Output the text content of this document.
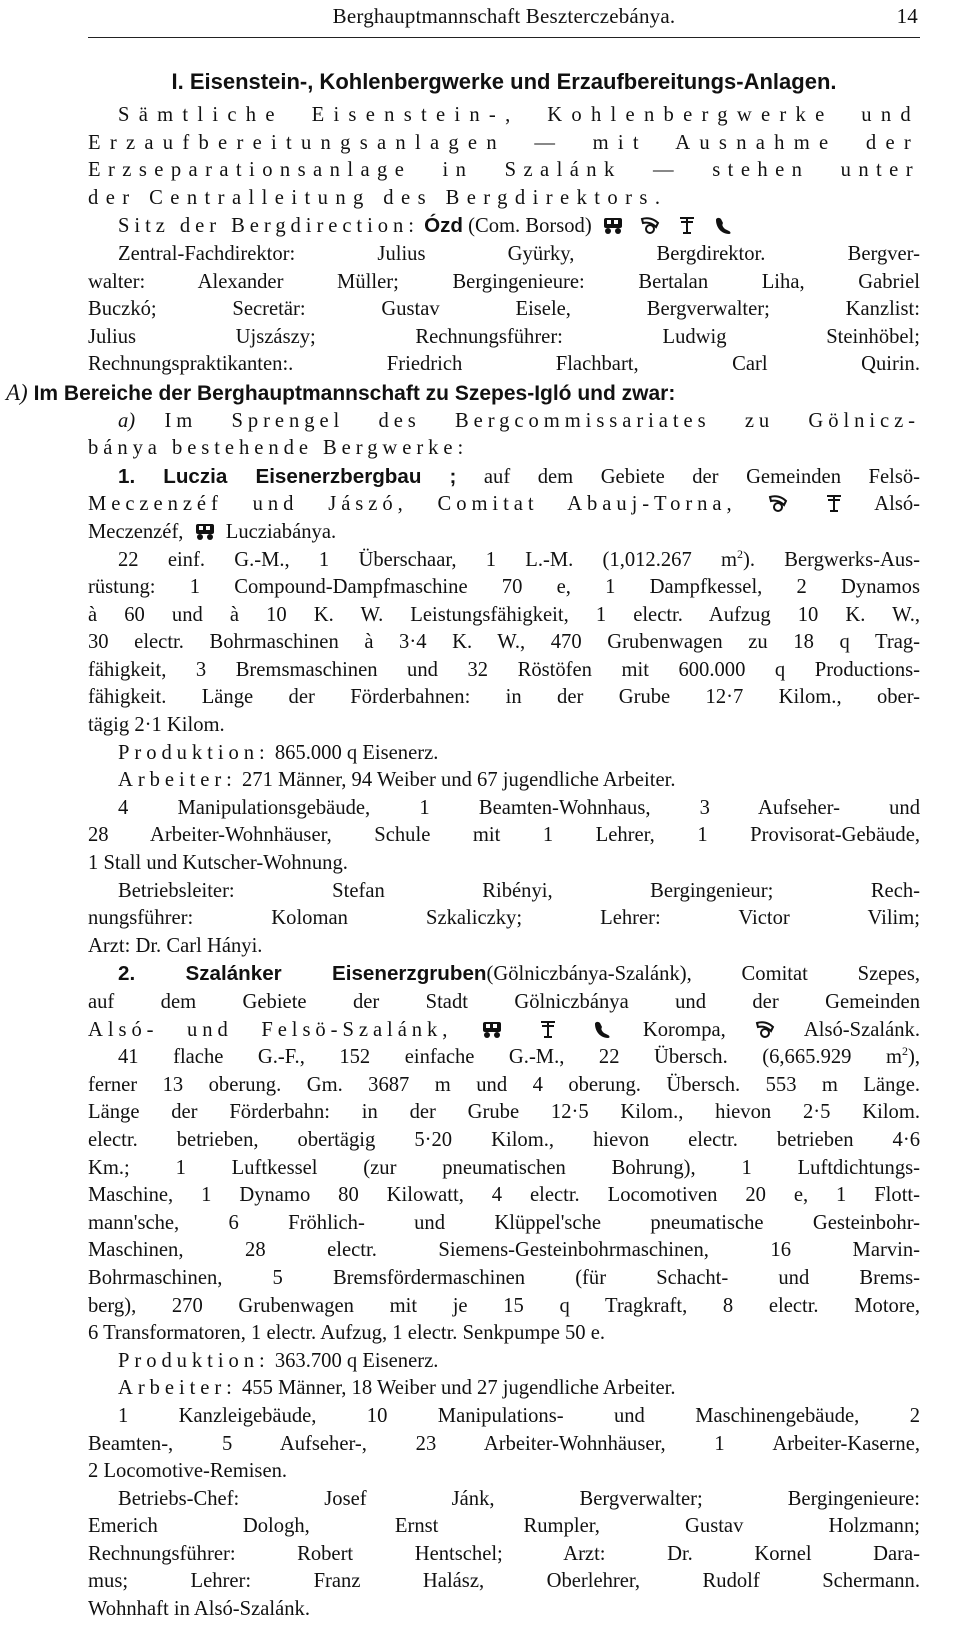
Berghauptmannschaft Beszterczebánya.	14
I. Eisenstein-, Kohlenbergwerke und Erzaufbereitungs-Anlagen.
Sämtliche Eisenstein-, Kohlenbergwerke und
Erzaufbereitungsanlagen — mit Ausnahme der
Erzseparationsanlage in Szalánk — stehen unter
der Centralleitung des Bergdirektors.
Sitz der Bergdirection: Ózd (Com. Borsod)

Zentral-Fachdirektor: Julius Gyürky, Bergdirektor. Bergver-
walter: Alexander Müller; Bergingenieure: Bertalan Liha, Gabriel
Buczkó; Secretär: Gustav Eisele, Bergverwalter; Kanzlist:
Julius Ujszászy; Rechnungsführer: Ludwig Steinhöbel;
Rechnungspraktikanten:. Friedrich Flachbart, Carl Quirin.
A) Im Bereiche der Berghauptmannschaft zu Szepes-Igló und zwar:
a) Im Sprengel des Bergcommissariates zu Gölnicz-
bánya bestehende Bergwerke:
1. Luczia Eisenerzbergbau ; auf dem Gebiete der Gemeinden Felsö-
Meczenzéf und Jászó, Comitat Abauj-Torna,
	Alsó-
Meczenzéf, Lucziabánya.
22 einf. G.-M., 1 Überschaar, 1 L.-M. (1,012.267 $m^2$). Bergwerks-Aus-
rüstung: 1 Compound-Dampfmaschine 70 e, 1 Dampfkessel, 2 Dynamos
à 60 und à 10 K. W. Leistungsfähigkeit, 1 electr. Aufzug 10 K. W.,
30 electr. Bohrmaschinen à 3·4 K. W., 470 Grubenwagen zu 18 q Trag-
fähigkeit, 3 Bremsmaschinen und 32 Röstöfen mit 600.000 q Productions-
fähigkeit. Länge der Förderbahnen: in der Grube 12·7 Kilom., ober-
tägig 2·1 Kilom.
Produktion: 865.000 q Eisenerz.
Arbeiter: 271 Männer, 94 Weiber und 67 jugendliche Arbeiter.
4 Manipulationsgebäude, 1 Beamten-Wohnhaus, 3 Aufseher- und
28 Arbeiter-Wohnhäuser, Schule mit 1 Lehrer, 1 Provisorat-Gebäude,
1 Stall und Kutscher-Wohnung.
Betriebsleiter: Stefan Ribényi, Bergingenieur; Rech-
nungsführer: Koloman Szkaliczky; Lehrer: Victor Vilim;
Arzt: Dr. Carl Hányi.
2. Szalánker Eisenerzgruben(Gölniczbánya-Szalánk), Comitat Szepes,
auf dem Gebiete der Stadt Gölniczbánya und der Gemeinden
Alsó- und Felsö-Szalánk,

	Korompa,	Alsó-Szalánk.
41 flache G.-F., 152 einfache G.-M., 22 Übersch. (6,665.929 $m^2$),
ferner 13 oberung. Gm. 3687 m und 4 oberung. Übersch. 553 m Länge.
Länge der Förderbahn: in der Grube 12·5 Kilom., hievon 2·5 Kilom.
electr. betrieben, obertägig 5·20 Kilom., hievon electr. betrieben 4·6
Km.; 1 Luftkessel (zur pneumatischen Bohrung), 1 Luftdichtungs-
Maschine, 1 Dynamo 80 Kilowatt, 4 electr. Locomotiven 20 e, 1 Flott-
mann'sche, 6 Fröhlich- und Klüppel'sche pneumatische Gesteinbohr-
Maschinen, 28 electr. Siemens-Gesteinbohrmaschinen, 16 Marvin-
Bohrmaschinen, 5 Bremsfördermaschinen (für Schacht- und Brems-
berg), 270 Grubenwagen mit je 15 q Tragkraft, 8 electr. Motore,
6 Transformatoren, 1 electr. Aufzug, 1 electr. Senkpumpe 50 e.
Produktion: 363.700 q Eisenerz.
Arbeiter: 455 Männer, 18 Weiber und 27 jugendliche Arbeiter.
1 Kanzleigebäude, 10 Manipulations- und Maschinengebäude, 2
Beamten-, 5 Aufseher-, 23 Arbeiter-Wohnhäuser, 1 Arbeiter-Kaserne,
2 Locomotive-Remisen.
Betriebs-Chef: Josef Jánk, Bergverwalter; Bergingenieure:
Emerich Dologh, Ernst Rumpler, Gustav Holzmann;
Rechnungsführer: Robert Hentschel; Arzt: Dr. Kornel Dara-
mus; Lehrer: Franz Halász, Oberlehrer, Rudolf Schermann.
Wohnhaft in Alsó-Szalánk.
